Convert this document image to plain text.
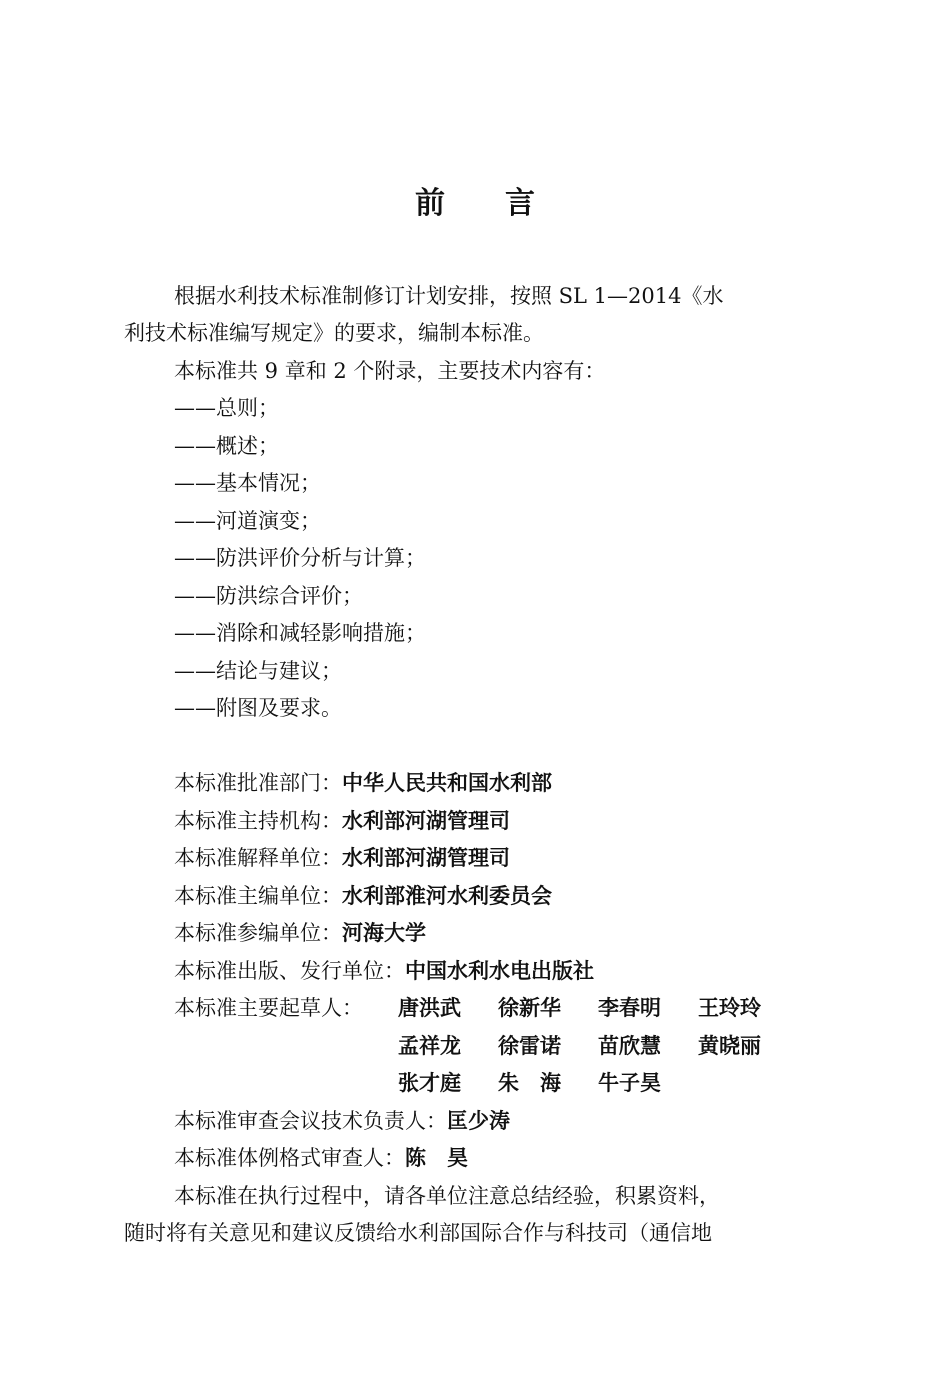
前 言
根据水利技术标准制修订计划安排，按照 SL 1—2014《水
利技术标准编写规定》的要求，编制本标准。
本标准共 9 章和 2 个附录，主要技术内容有：
——总则；
——概述；
——基本情况；
——河道演变；
——防洪评价分析与计算；
——防洪综合评价；
——消除和减轻影响措施；
——结论与建议；
——附图及要求。
本标准批准部门：中华人民共和国水利部
本标准主持机构：水利部河湖管理司
本标准解释单位：水利部河湖管理司
本标准主编单位：水利部淮河水利委员会
本标准参编单位：河海大学
本标准出版、发行单位：中国水利水电出版社
本标准主要起草人： 唐洪武 徐新华 李春明 王玲玲
孟祥龙 徐雷诺 苗欣慧 黄晓丽
张才庭 朱　海 牛子昊
本标准审查会议技术负责人：匡少涛
本标准体例格式审查人：陈　昊
本标准在执行过程中，请各单位注意总结经验，积累资料，
随时将有关意见和建议反馈给水利部国际合作与科技司（通信地
